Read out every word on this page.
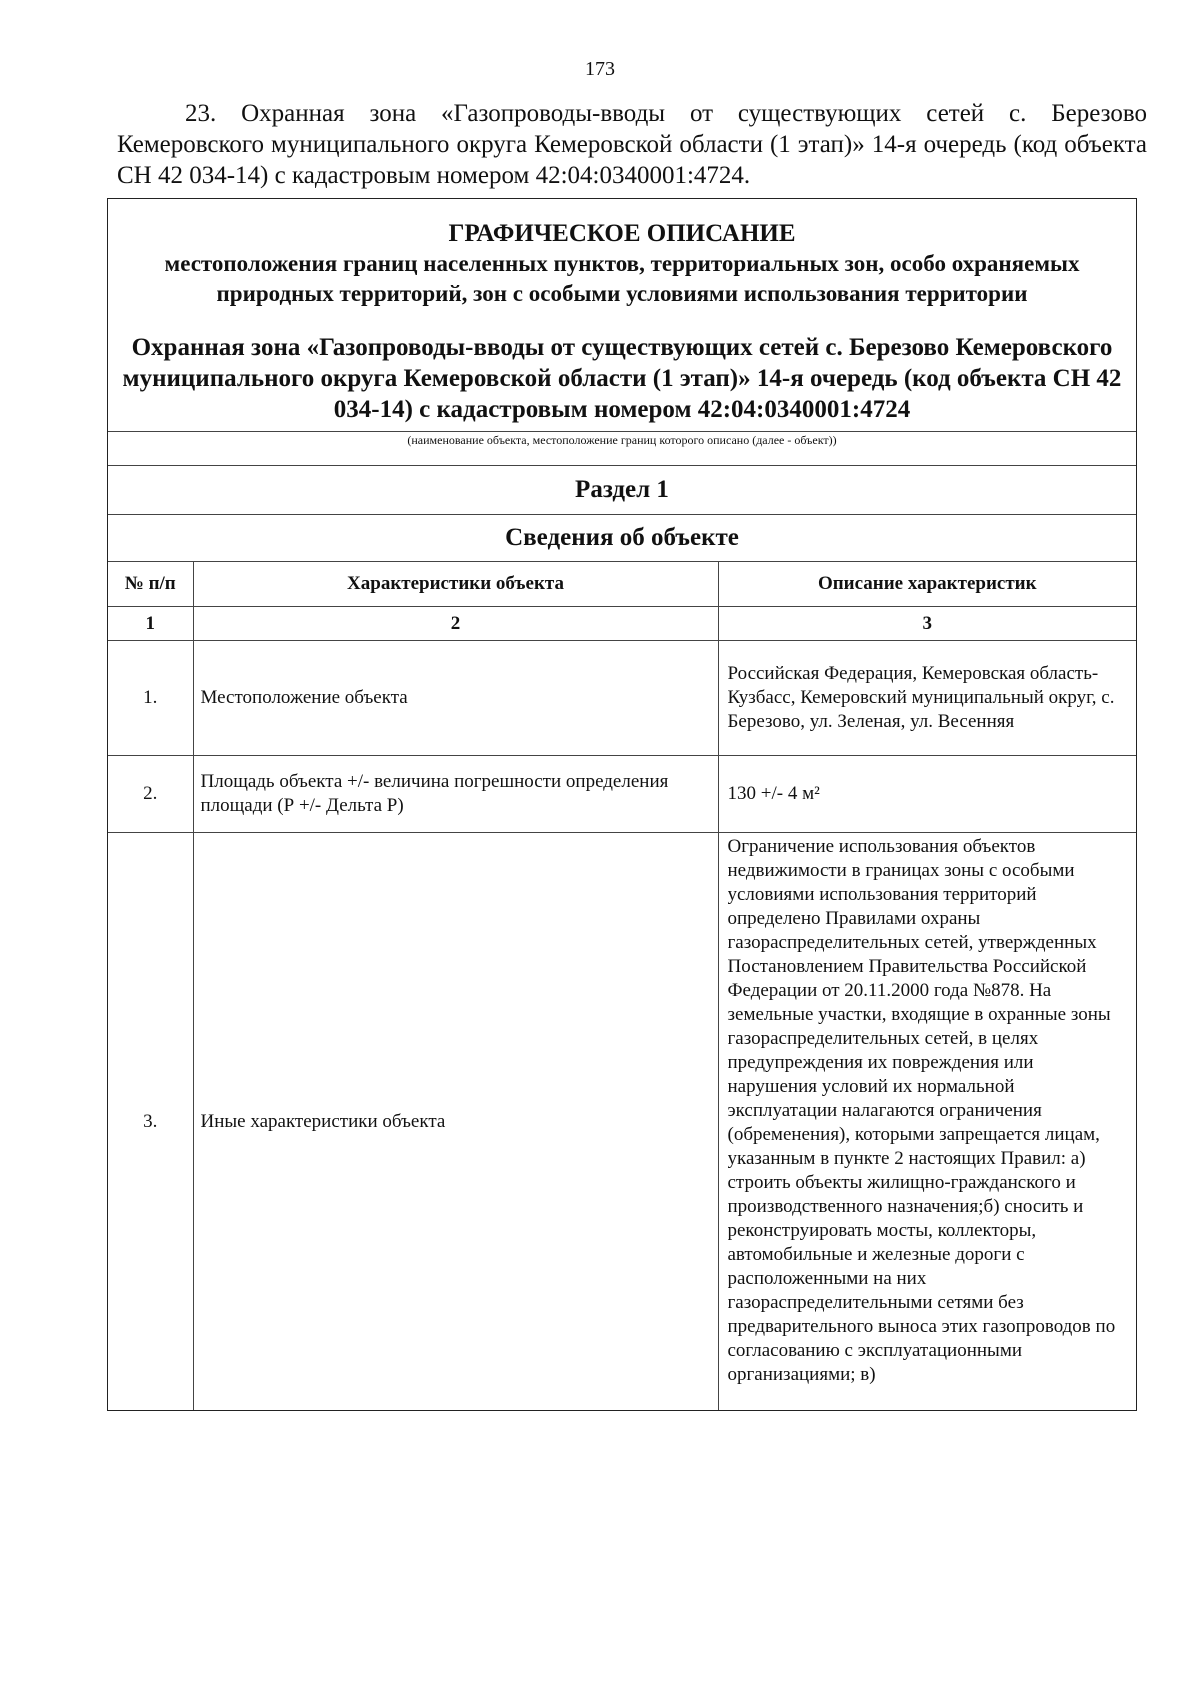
173
23. Охранная зона «Газопроводы-вводы от существующих сетей с. Березово Кемеровского муниципального округа Кемеровской области (1 этап)» 14-я очередь (код объекта СН 42 034-14) с кадастровым номером 42:04:0340001:4724.
ГРАФИЧЕСКОЕ ОПИСАНИЕ
местоположения границ населенных пунктов, территориальных зон, особо охраняемых природных территорий, зон с особыми условиями использования территории
Охранная зона «Газопроводы-вводы от существующих сетей с. Березово Кемеровского муниципального округа Кемеровской области (1 этап)» 14-я очередь (код объекта СН 42 034-14) с кадастровым номером 42:04:0340001:4724
(наименование объекта, местоположение границ которого описано (далее - объект))
Раздел 1
Сведения об объекте
№ п/п	Характеристики объекта	Описание характеристик
1	2	3
1.	Местоположение объекта	Российская Федерация, Кемеровская область-Кузбасс, Кемеровский муниципальный округ, с. Березово, ул. Зеленая, ул. Весенняя
2.	Площадь объекта +/- величина погрешности определения площади (Р +/- Дельта Р)	130 +/- 4 м²
3.	Иные характеристики объекта	Ограничение использования объектов недвижимости в границах зоны с особыми условиями использования территорий определено Правилами охраны газораспределительных сетей, утвержденных Постановлением Правительства Российской Федерации от 20.11.2000 года №878. На земельные участки, входящие в охранные зоны газораспределительных сетей, в целях предупреждения их повреждения или нарушения условий их нормальной эксплуатации налагаются ограничения (обременения), которыми запрещается лицам, указанным в пункте 2 настоящих Правил: а) строить объекты жилищно-гражданского и производственного назначения;б) сносить и реконструировать мосты, коллекторы, автомобильные и железные дороги с расположенными на них газораспределительными сетями без предварительного выноса этих газопроводов по согласованию с эксплуатационными организациями; в)
